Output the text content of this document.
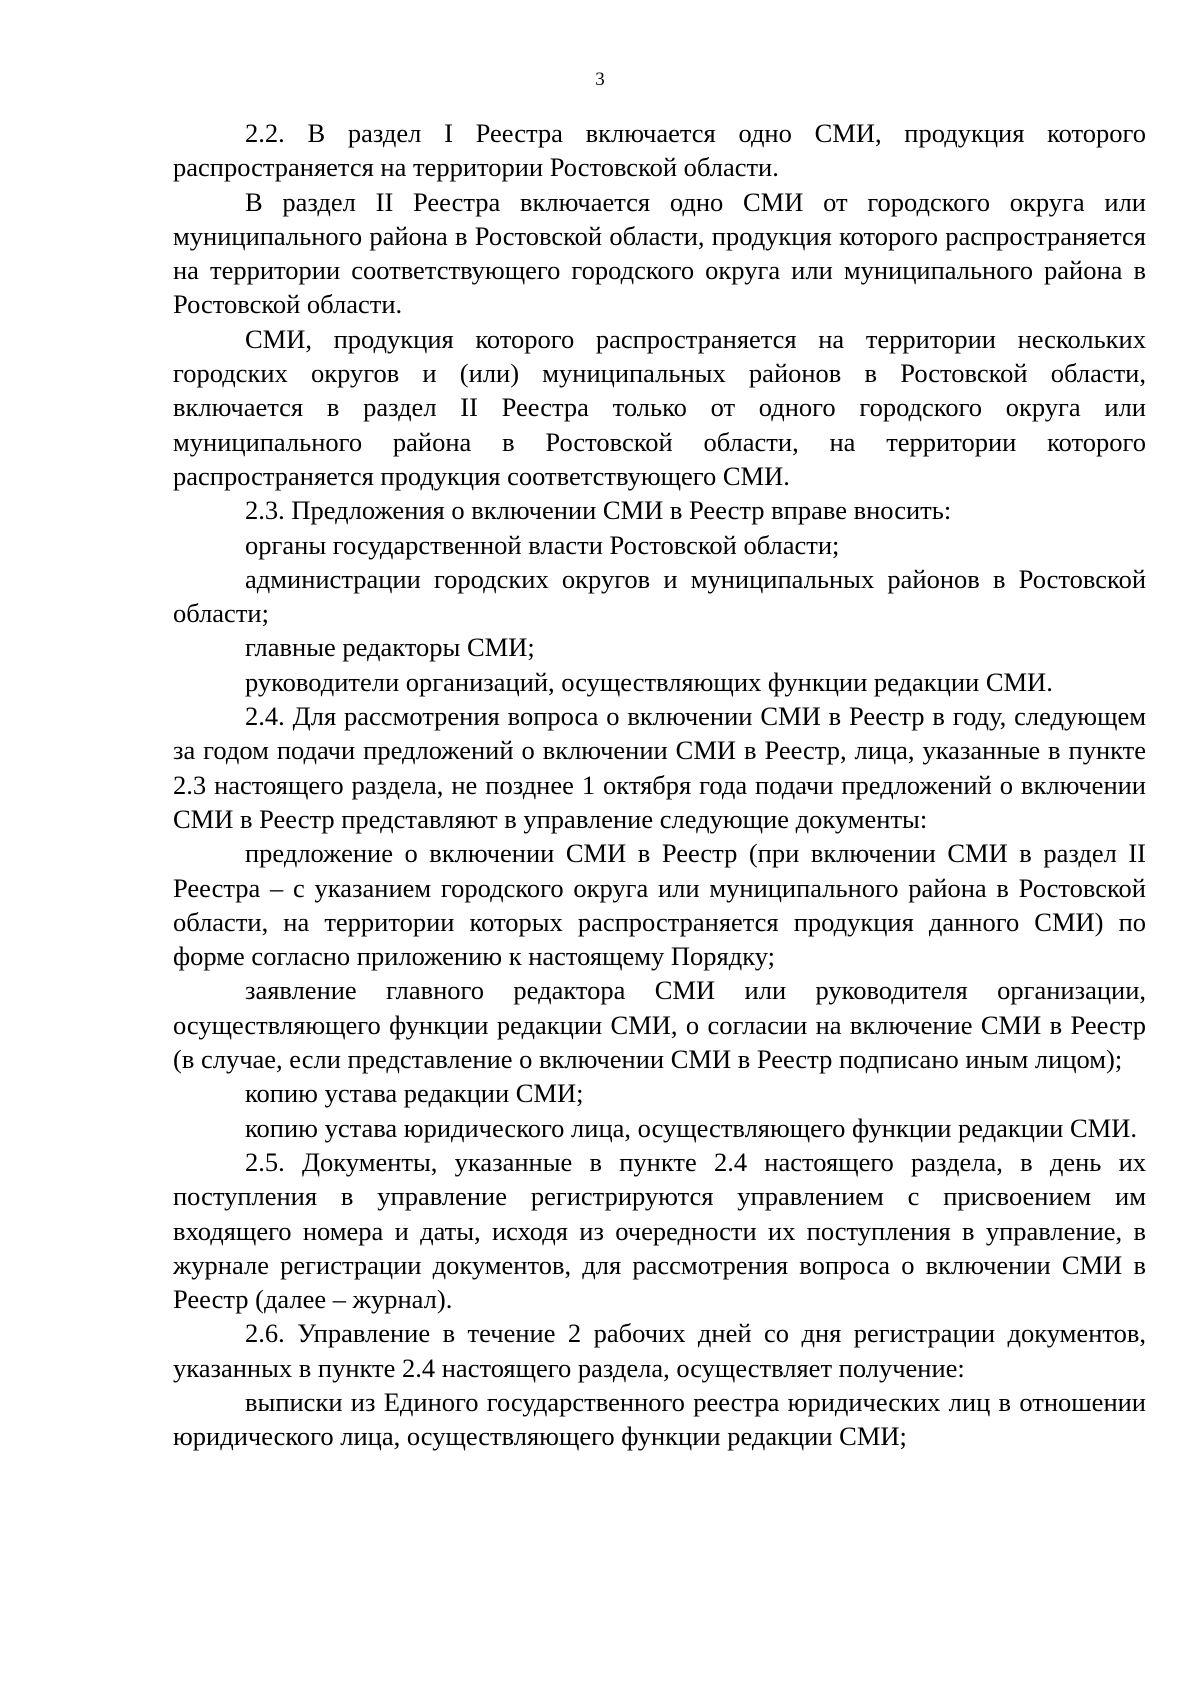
3

2.2. В раздел I Реестра включается одно СМИ, продукция которого распространяется на территории Ростовской области.

В раздел II Реестра включается одно СМИ от городского округа или муниципального района в Ростовской области, продукция которого распространяется на территории соответствующего городского округа или муниципального района в Ростовской области.

СМИ, продукция которого распространяется на территории нескольких городских округов и (или) муниципальных районов в Ростовской области, включается в раздел II Реестра только от одного городского округа или муниципального района в Ростовской области, на территории которого распространяется продукция соответствующего СМИ.

2.3. Предложения о включении СМИ в Реестр вправе вносить:

органы государственной власти Ростовской области;

администрации городских округов и муниципальных районов в Ростовской области;

главные редакторы СМИ;

руководители организаций, осуществляющих функции редакции СМИ.

2.4. Для рассмотрения вопроса о включении СМИ в Реестр в году, следующем за годом подачи предложений о включении СМИ в Реестр, лица, указанные в пункте 2.3 настоящего раздела, не позднее 1 октября года подачи предложений о включении СМИ в Реестр представляют в управление следующие документы:

предложение о включении СМИ в Реестр (при включении СМИ в раздел II Реестра – с указанием городского округа или муниципального района в Ростовской области, на территории которых распространяется продукция данного СМИ) по форме согласно приложению к настоящему Порядку;

заявление главного редактора СМИ или руководителя организации, осуществляющего функции редакции СМИ, о согласии на включение СМИ в Реестр (в случае, если представление о включении СМИ в Реестр подписано иным лицом);

копию устава редакции СМИ;

копию устава юридического лица, осуществляющего функции редакции СМИ.

2.5. Документы, указанные в пункте 2.4 настоящего раздела, в день их поступления в управление регистрируются управлением с присвоением им входящего номера и даты, исходя из очередности их поступления в управление, в журнале регистрации документов, для рассмотрения вопроса о включении СМИ в Реестр (далее – журнал).

2.6. Управление в течение 2 рабочих дней со дня регистрации документов, указанных в пункте 2.4 настоящего раздела, осуществляет получение:

выписки из Единого государственного реестра юридических лиц в отношении юридического лица, осуществляющего функции редакции СМИ;
